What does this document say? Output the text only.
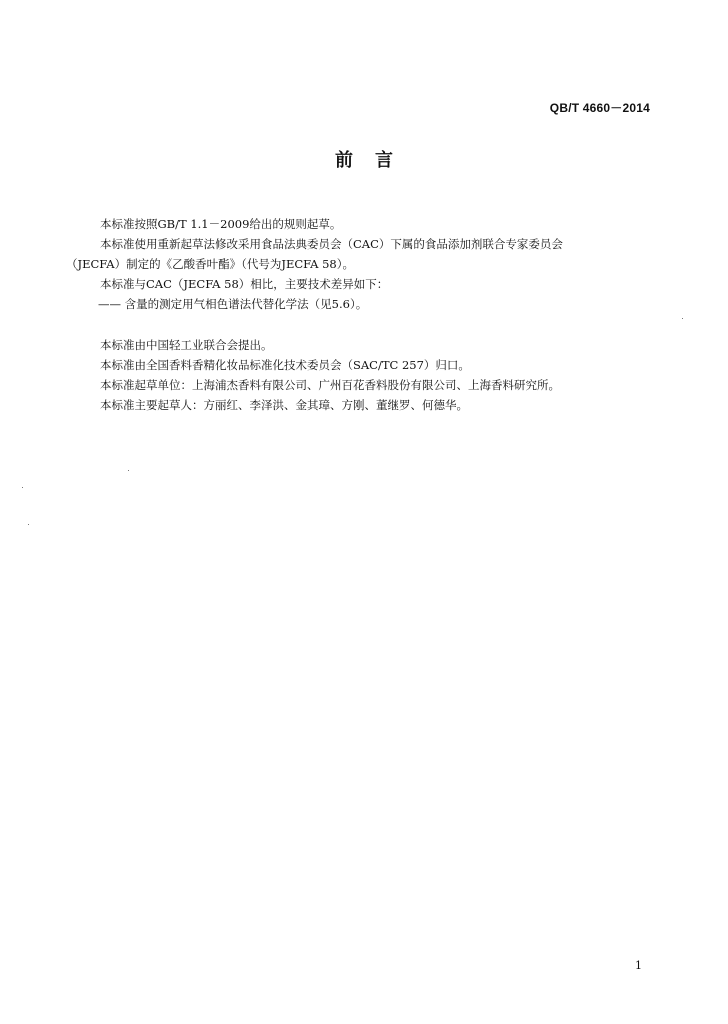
QB/T 4660－2014
前言

本标准按照GB/T 1.1－2009给出的规则起草。

本标准使用重新起草法修改采用食品法典委员会（CAC）下属的食品添加剂联合专家委员会

（JECFA）制定的《乙酸香叶酯》（代号为JECFA 58）。

本标准与CAC（JECFA 58）相比，主要技术差异如下：

—— 含量的测定用气相色谱法代替化学法（见5.6）。

本标准由中国轻工业联合会提出。

本标准由全国香料香精化妆品标准化技术委员会（SAC/TC 257）归口。

本标准起草单位：上海浦杰香料有限公司、广州百花香料股份有限公司、上海香料研究所。

本标准主要起草人：方丽红、李泽洪、金其璋、方刚、董继罗、何德华。

1
